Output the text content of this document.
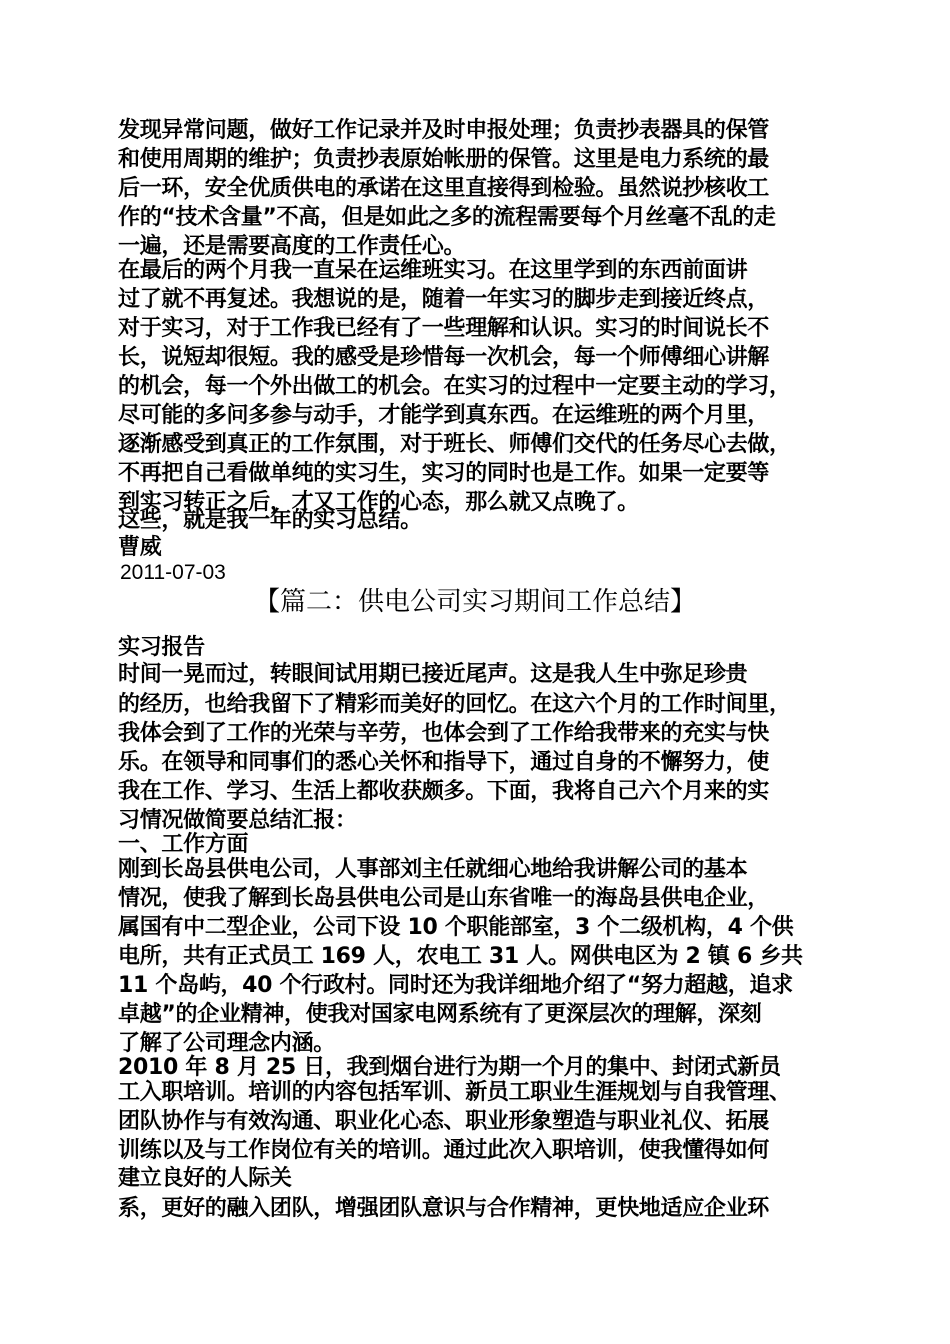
发现异常问题，做好工作记录并及时申报处理；负责抄表器具的保管
和使用周期的维护；负责抄表原始帐册的保管。这里是电力系统的最
后一环，安全优质供电的承诺在这里直接得到检验。虽然说抄核收工
作的“技术含量”不高，但是如此之多的流程需要每个月丝毫不乱的走
一遍，还是需要高度的工作责任心。
在最后的两个月我一直呆在运维班实习。在这里学到的东西前面讲
过了就不再复述。我想说的是，随着一年实习的脚步走到接近终点，
对于实习，对于工作我已经有了一些理解和认识。实习的时间说长不
长，说短却很短。我的感受是珍惜每一次机会，每一个师傅细心讲解
的机会，每一个外出做工的机会。在实习的过程中一定要主动的学习，
尽可能的多问多参与动手，才能学到真东西。在运维班的两个月里，
逐渐感受到真正的工作氛围，对于班长、师傅们交代的任务尽心去做，
不再把自己看做单纯的实习生，实习的同时也是工作。如果一定要等
到实习转正之后，才又工作的心态，那么就又点晚了。
这些，就是我一年的实习总结。
曹威
2011-07-03
【篇二：供电公司实习期间工作总结】
实习报告
时间一晃而过，转眼间试用期已接近尾声。这是我人生中弥足珍贵
的经历，也给我留下了精彩而美好的回忆。在这六个月的工作时间里，
我体会到了工作的光荣与辛劳，也体会到了工作给我带来的充实与快
乐。在领导和同事们的悉心关怀和指导下，通过自身的不懈努力，使
我在工作、学习、生活上都收获颇多。下面，我将自己六个月来的实
习情况做简要总结汇报：
一、工作方面
刚到长岛县供电公司，人事部刘主任就细心地给我讲解公司的基本
情况，使我了解到长岛县供电公司是山东省唯一的海岛县供电企业，
属国有中二型企业，公司下设 10 个职能部室，3 个二级机构，4 个供
电所，共有正式员工 169 人，农电工 31 人。网供电区为 2 镇 6 乡共
11 个岛屿，40 个行政村。同时还为我详细地介绍了“努力超越，追求
卓越”的企业精神，使我对国家电网系统有了更深层次的理解，深刻
了解了公司理念内涵。
2010 年 8 月 25 日，我到烟台进行为期一个月的集中、封闭式新员
工入职培训。培训的内容包括军训、新员工职业生涯规划与自我管理、
团队协作与有效沟通、职业化心态、职业形象塑造与职业礼仪、拓展
训练以及与工作岗位有关的培训。通过此次入职培训，使我懂得如何
建立良好的人际关
系，更好的融入团队，增强团队意识与合作精神，更快地适应企业环
